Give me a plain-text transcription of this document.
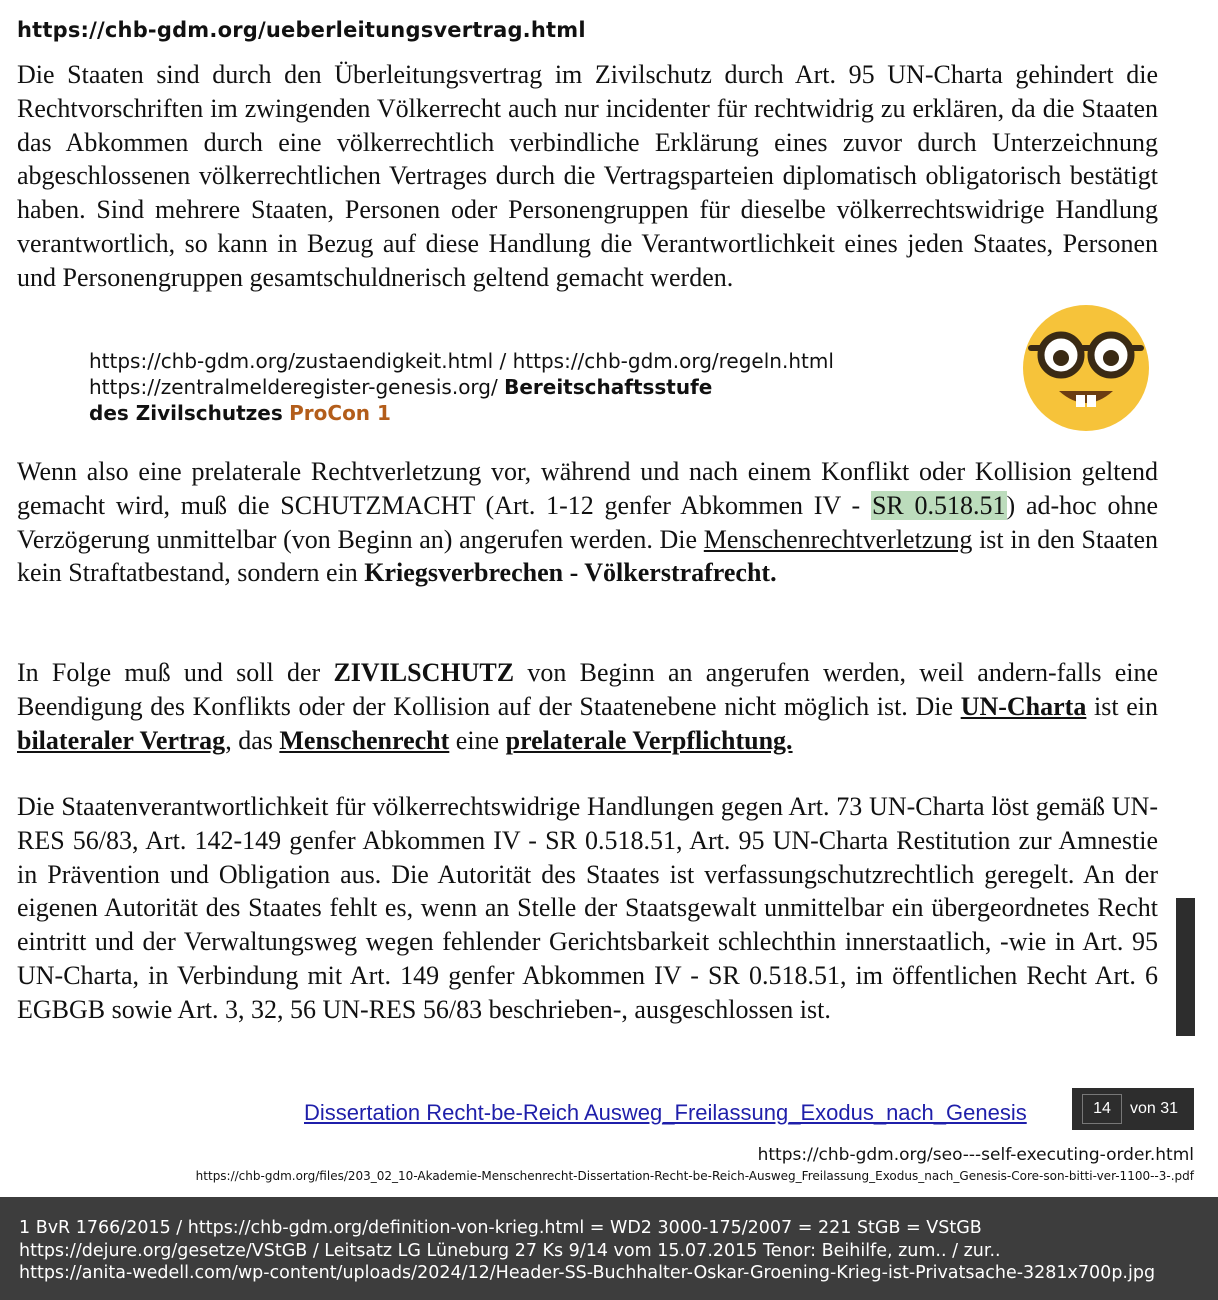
https://chb-gdm.org/ueberleitungsvertrag.html

Die Staaten sind durch den Überleitungsvertrag im Zivilschutz durch Art. 95 UN-Charta gehindert die Rechtvorschriften im zwingenden Völkerrecht auch nur incidenter für rechtwidrig zu erklären, da die Staaten das Abkommen durch eine völkerrechtlich verbindliche Erklärung eines zuvor durch Unterzeichnung abgeschlossenen völkerrechtlichen Vertrages durch die Vertragsparteien diplomatisch obligatorisch bestätigt haben. Sind mehrere Staaten, Personen oder Personengruppen für dieselbe völkerrechtswidrige Handlung verantwortlich, so kann in Bezug auf diese Handlung die Verantwortlichkeit eines jeden Staates, Personen und Personengruppen gesamtschuldnerisch geltend gemacht werden.

https://chb-gdm.org/zustaendigkeit.html / https://chb-gdm.org/regeln.html
https://zentralmelderegister-genesis.org/ Bereitschaftsstufe
des Zivilschutzes ProCon 1

Wenn also eine prelaterale Rechtverletzung vor, während und nach einem Konflikt oder Kollision geltend gemacht wird, muß die SCHUTZMACHT (Art. 1-12 genfer Abkommen IV - SR 0.518.51) ad-hoc ohne Verzögerung unmittelbar (von Beginn an) angerufen werden. Die Menschenrechtverletzung ist in den Staaten kein Straftatbestand, sondern ein Kriegsverbrechen - Völkerstrafrecht.

In Folge muß und soll der ZIVILSCHUTZ von Beginn an angerufen werden, weil andern-falls eine Beendigung des Konflikts oder der Kollision auf der Staatenebene nicht möglich ist. Die UN-Charta ist ein bilateraler Vertrag, das Menschenrecht eine prelaterale Verpflichtung.

Die Staatenverantwortlichkeit für völkerrechtswidrige Handlungen gegen Art. 73 UN-Charta löst gemäß UN-RES 56/83, Art. 142-149 genfer Abkommen IV - SR 0.518.51, Art. 95 UN-Charta Restitution zur Amnestie in Prävention und Obligation aus. Die Autorität des Staates ist verfassungschutzrechtlich geregelt. An der eigenen Autorität des Staates fehlt es, wenn an Stelle der Staatsgewalt unmittelbar ein übergeordnetes Recht eintritt und der Verwaltungsweg wegen fehlender Gerichtsbarkeit schlechthin innerstaatlich, -wie in Art. 95 UN-Charta, in Verbindung mit Art. 149 genfer Abkommen IV - SR 0.518.51, im öffentlichen Recht Art. 6 EGBGB sowie Art. 3, 32, 56 UN-RES 56/83 beschrieben-, ausgeschlossen ist.

Dissertation Recht-be-Reich Ausweg_Freilassung_Exodus_nach_Genesis	14	von 31
https://chb-gdm.org/seo---self-executing-order.html
https://chb-gdm.org/files/203_02_10-Akademie-Menschenrecht-Dissertation-Recht-be-Reich-Ausweg_Freilassung_Exodus_nach_Genesis-Core-son-bitti-ver-1100--3-.pdf
1 BvR 1766/2015 / https://chb-gdm.org/definition-von-krieg.html = WD2 3000-175/2007 = 221 StGB = VStGB
https://dejure.org/gesetze/VStGB / Leitsatz LG Lüneburg 27 Ks 9/14 vom 15.07.2015 Tenor: Beihilfe, zum.. / zur..
https://anita-wedell.com/wp-content/uploads/2024/12/Header-SS-Buchhalter-Oskar-Groening-Krieg-ist-Privatsache-3281x700p.jpg
